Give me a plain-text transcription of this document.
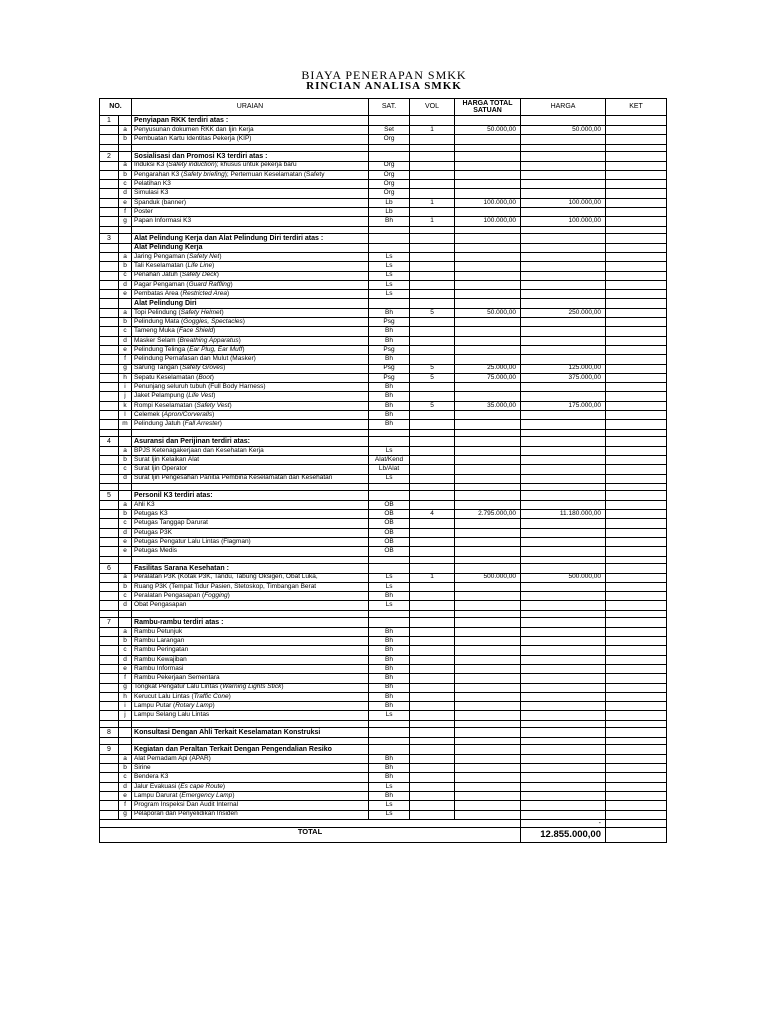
BIAYA PENERAPAN SMKK
RINCIAN ANALISA SMKK
NO.		URAIAN	SAT.	VOL	HARGA TOTAL SATUAN	HARGA	KET
1		Penyiapan RKK terdiri atas :					
	a	Penyusunan dokumen RKK dan Ijin Kerja	Set	1	50.000,00	50.000,00	
	b	Pembuatan Kartu Identitas Pekerja (KIP)	Org				

2		Sosialisasi dan Promosi K3 terdiri atas :					
	a	Induksi K3 (Safety induction); khusus untuk pekerja baru	Org				
	b	Pengarahan K3 (Safety briefing); Pertemuan Keselamatan (Safety	Org				
	c	Pelatihan K3	Org				
	d	Simulasi K3	Org				
	e	Spanduk (banner)	Lb	1	100.000,00	100.000,00	
	f	Poster	Lb				
	g	Papan Informasi K3	Bh	1	100.000,00	100.000,00	

3		Alat Pelindung Kerja dan Alat Pelindung Diri terdiri atas :					
		Alat Pelindung Kerja					
	a	Jaring Pengaman (Safety Net)	Ls				
	b	Tali Keselamatan (Life Line)	Ls				
	c	Penahan Jatuh (Safety Deck)	Ls				
	d	Pagar Pengaman (Guard Raffling)	Ls				
	e	Pembatas Area (Restricted Area)	Ls				
		Alat Pelindung Diri					
	a	Topi Pelindung (Safety Helmet)	Bh	5	50.000,00	250.000,00	
	b	Pelindung Mata (Goggles, Spectacles)	Psg				
	c	Tameng Muka (Face Shield)	Bh				
	d	Masker Selam (Breathing Apparatus)	Bh				
	e	Pelindung Telinga (Ear Plug, Ear Muff)	Psg				
	f	Pelindung Pernafasan dan Mulut (Masker)	Bh				
	g	Sarung Tangan (Safety Groves)	Psg	5	25.000,00	125.000,00	
	h	Sepatu Keselamatan (Boot)	Psg	5	75.000,00	375.000,00	
	i	Penunjang seluruh tubuh (Full Body Harness)	Bh				
	j	Jaket Pelampung (Life Vest)	Bh				
	k	Rompi Keselamatan (Safety Vest)	Bh	5	35.000,00	175.000,00	
	l	Celemek (Apron/Corveralls)	Bh				
	m	Pelindung Jatuh (Fall Arrester)	Bh				

4		Asuransi dan Perijinan terdiri atas:					
	a	BPJS Ketenagakerjaan dan Kesehatan Kerja	Ls				
	b	Surat Ijin Kelaikan Alat	Alat/Kend				
	c	Surat Ijin Operator	Lb/Alat				
	d	Surat Ijin Pengesahan Panitia Pembina Keselamatan dan Kesehatan	Ls				

5		Personil K3 terdiri atas:					
	a	Ahli K3	OB				
	b	Petugas K3	OB	4	2.795.000,00	11.180.000,00	
	c	Petugas Tanggap Darurat	OB				
	d	Petugas P3K	OB				
	e	Petugas Pengatur Lalu Lintas (Flagman)	OB				
	e	Petugas Medis	OB				

6		Fasilitas Sarana Kesehatan :					
	a	Peralatan P3K (Kotak P3K, Tandu, Tabung Oksigen, Obat Luka,	Ls	1	500.000,00	500.000,00	
	b	Ruang P3K (Tempat Tidur Pasien, Stetoskop, Timbangan Berat	Ls				
	c	Peralatan Pengasapan (Fogging)	Bh				
	d	Obat Pengasapan	Ls				

7		Rambu-rambu terdiri atas :					
	a	Rambu Petunjuk	Bh				
	b	Rambu Larangan	Bh				
	c	Rambu Peringatan	Bh				
	d	Rambu Kewajiban	Bh				
	e	Rambu Informasi	Bh				
	f	Rambu Pekerjaan Sementara	Bh				
	g	Tongkat Pengatur Lalu Lintas (Warning Lights Stick)	Bh				
	h	Kerucut Lalu Lintas (Traffic Cone)	Bh				
	i	Lampu Putar (Rotary Lamp)	Bh				
	j	Lampu Selang Lalu Lintas	Ls				

8		Konsultasi Dengan Ahli Terkait Keselamatan Konstruksi					

9		Kegiatan dan Peraltan Terkait Dengan Pengendalian Resiko					
	a	Alat Pemadam Api (APAR)	Bh				
	b	Sirine	Bh				
	c	Bendera K3	Bh				
	d	Jalur Evakuasi (Es cape Route)	Ls				
	e	Lampu Darurat (Emergency Lamp)	Bh				
	f	Program Inspeksi Dan Audit Internal	Ls				
	g	Pelaporan dan Penyelidikan Insiden	Ls				
						-	
TOTAL						12.855.000,00	
